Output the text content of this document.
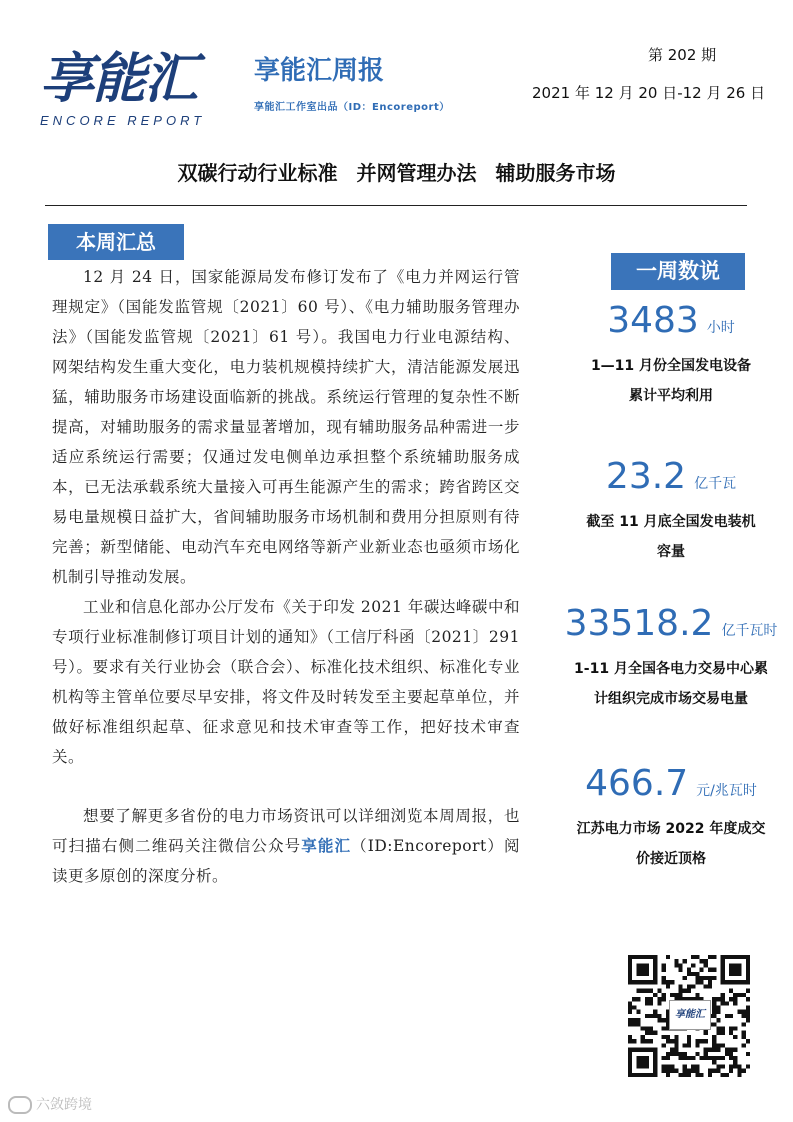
享能汇
ENCORE REPORT
享能汇周报
享能汇工作室出品（ID：Encoreport）
第 202 期
2021 年 12 月 20 日-12 月 26 日
双碳行动行业标准 并网管理办法 辅助服务市场
本周汇总

12 月 24 日，国家能源局发布修订发布了《电力并网运行管理规定》（国能发监管规〔2021〕60 号）、《电力辅助服务管理办法》（国能发监管规〔2021〕61 号）。我国电力行业电源结构、网架结构发生重大变化，电力装机规模持续扩大，清洁能源发展迅猛，辅助服务市场建设面临新的挑战。系统运行管理的复杂性不断提高，对辅助服务的需求量显著增加，现有辅助服务品种需进一步适应系统运行需要；仅通过发电侧单边承担整个系统辅助服务成本，已无法承载系统大量接入可再生能源产生的需求；跨省跨区交易电量规模日益扩大，省间辅助服务市场机制和费用分担原则有待完善；新型储能、电动汽车充电网络等新产业新业态也亟须市场化机制引导推动发展。

工业和信息化部办公厅发布《关于印发 2021 年碳达峰碳中和专项行业标准制修订项目计划的通知》（工信厅科函〔2021〕291 号）。要求有关行业协会（联合会）、标准化技术组织、标准化专业机构等主管单位要尽早安排，将文件及时转发至主要起草单位，并做好标准组织起草、征求意见和技术审查等工作，把好技术审查关。

想要了解更多省份的电力市场资讯可以详细浏览本周周报，也可扫描右侧二维码关注微信公众号享能汇（ID:Encoreport）阅读更多原创的深度分析。

一周数说
3483 小时
1—11 月份全国发电设备
累计平均利用
23.2 亿千瓦
截至 11 月底全国发电装机
容量
33518.2 亿千瓦时
1-11 月全国各电力交易中心累
计组织完成市场交易电量
466.7 元/兆瓦时
江苏电力市场 2022 年度成交
价接近顶格
享能汇
六敛跨境
